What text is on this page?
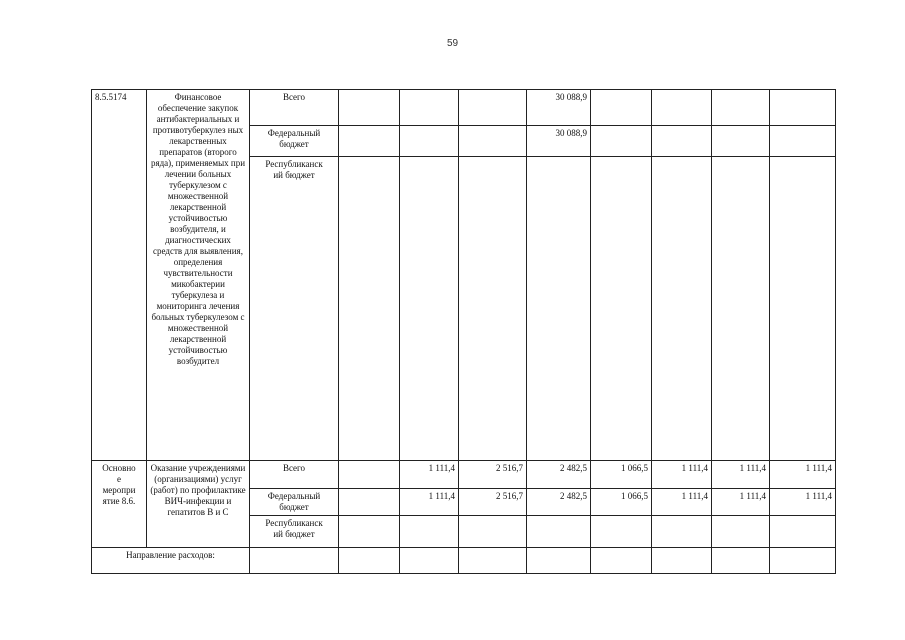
59
8.5.5174	Финансовое обеспечение закупок антибактериальных и противотуберкулез ных лекарственных препаратов (второго ряда), применяемых при лечении больных туберкулезом с множественной лекарственной устойчивостью возбудителя, и диагностических средств для выявления, определения чувствительности микобактерии туберкулеза и мониторинга лечения больных туберкулезом с множественной лекарственной устойчивостью возбудител	Всего				30 088,9				
		Федеральный бюджет				30 088,9				
		Республиканск
ий бюджет								
Основно
е
меропри
ятие 8.6.	Оказание учреждениями (организациями) услуг (работ) по профилактике ВИЧ-инфекции и гепатитов В и С	Всего		1 111,4	2 516,7	2 482,5	1 066,5	1 111,4	1 111,4	1 111,4
		Федеральный бюджет		1 111,4	2 516,7	2 482,5	1 066,5	1 111,4	1 111,4	1 111,4
		Республиканск
ий бюджет								
Направление расходов:										
